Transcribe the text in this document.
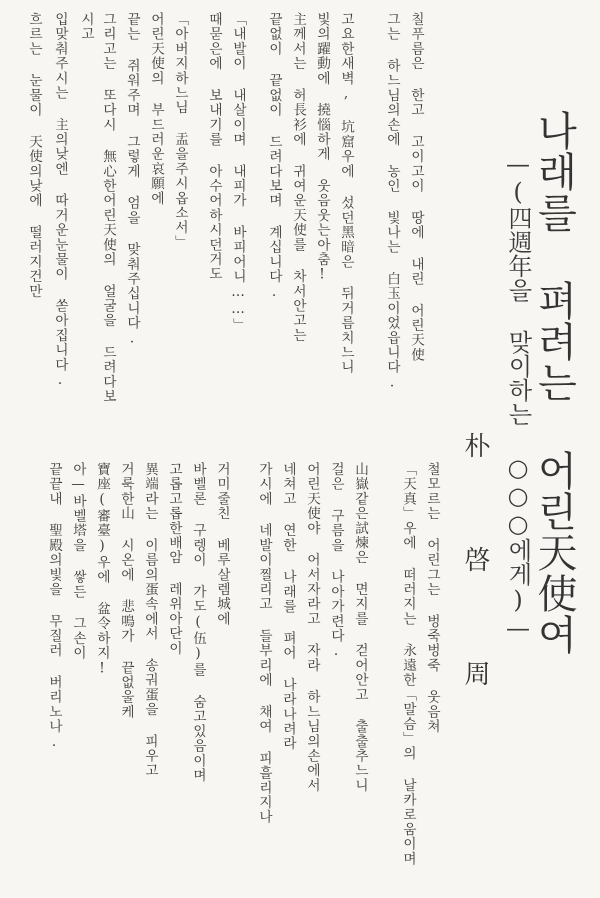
나래를 펴려는 어린天使여
—(四週年을 맞이하는 ○○○에게)—
朴啓周
칠푸름은 한고 고이고이 땅에 내린 어린天使
그는 하느님의손에 농인 빛나는 白玉이었읍니다.
고요한새벽, 坑窟우에 섰던黑暗은 뒤거름치느니
빛의躍動에 撓惱하게 웃음웃는아춤!
主께서는 허長衫에 귀여운天使를 차서안고는
끝없이 끝없이 드려다보며 계십니다.
「내발이 내살이며 내피가 바피어니……」
때묻은에 보내기를 아수어하시던거도
「아버지하느님 盂을주시옵소서」
어린天使의 부드러운哀願에
끝는 쥐워주며 그렇게 엄을 맞춰주십니다.
그리고는 또다시 無心한어린天使의 얼굴을 드려다보
시고
입맞춰주시는 主의낮엔 따거운눈물이 쏟아집니다.
흐르는 눈물이 天使의낮에 떨러지건만
철모르는 어린그는 벙죽벙죽 웃음쳐
「天真」우에 떠러지는 永遠한「말슴」의 날카로움이며
山嶽같은試煉은 면지를 걷어안고 출출추느니
걸은 구름을 나아가련다.
어린天使야 어서자라고 자라 하느님의손에서
네쳐고 연한 나래를 펴어 나라나려라
가시에 네발이찔리고 들부리에 채여 피흘리지나
거미줄친 베루살렘城에
바벨론 구렝이 가도(伍)를 숨고있음이며
고롭고롭한배암 레위아단이
異端라는 이름의蛋속에서 송궈蛋을 피우고
거룩한山 시온에 悲鳴가 끝없울케
寶座(審臺)우에 盆令하지!
아—바벨塔을 쌓든 그손이
끝끝내 聖殿의빛을 무질러 버리노나.
